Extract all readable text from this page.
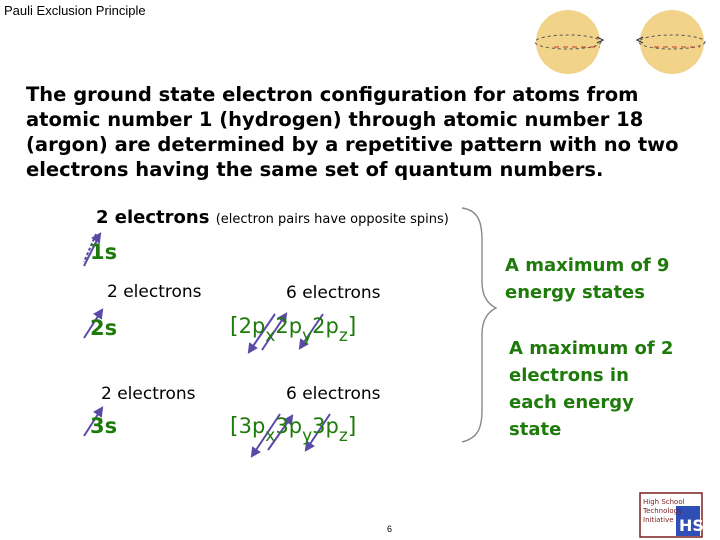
Pauli Exclusion Principle
High School
Technology
Initiative HS
The ground state electron configuration for atoms from
atomic number 1 (hydrogen) through atomic number 18
(argon) are determined by a repetitive pattern with no two
electrons having the same set of quantum numbers.
2 electrons (electron pairs have opposite spins)
1s
2 electrons
2s
6 electrons
$[2p_x2p_y2p_z]$
2 electrons
3s
6 electrons
$[3p_x3p_y3p_z]$
A maximum of 9
energy states
A maximum of 2
electrons in
each energy
state
6
